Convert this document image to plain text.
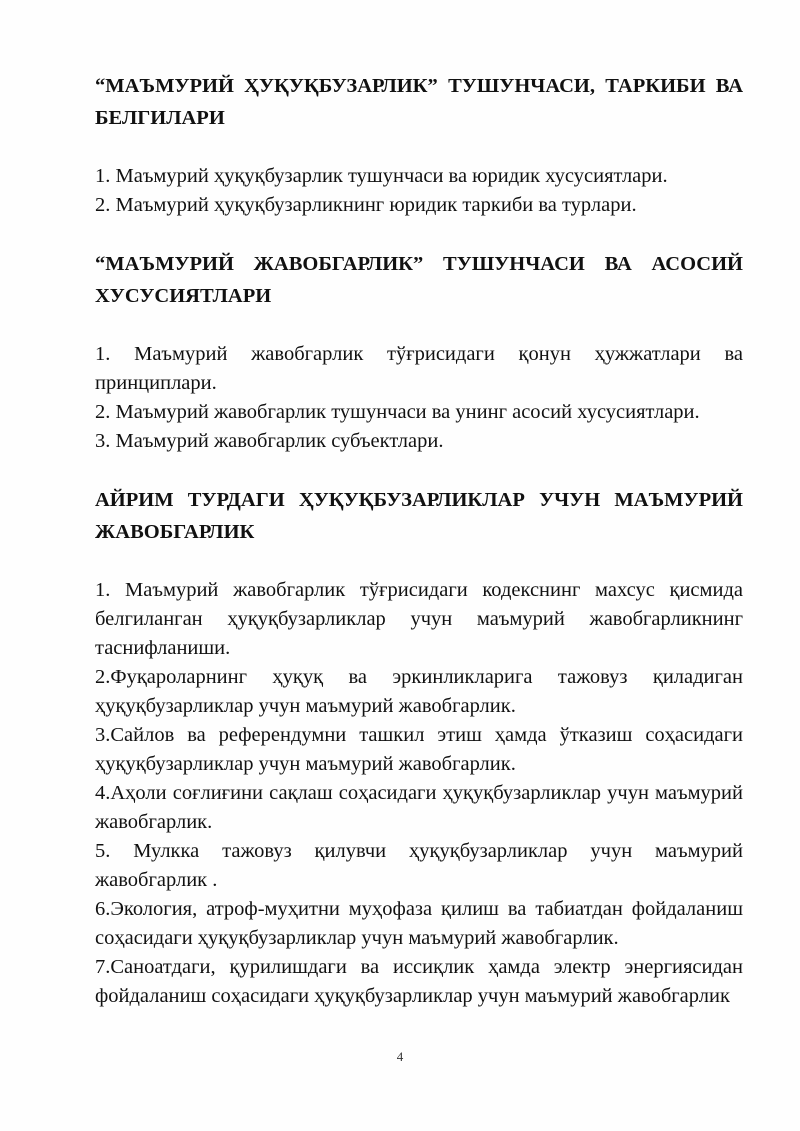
“МАЪМУРИЙ ҲУҚУҚБУЗАРЛИК” ТУШУНЧАСИ, ТАРКИБИ ВА БЕЛГИЛАРИ

1. Маъмурий ҳуқуқбузарлик тушунчаси ва юридик хусусиятлари.

2. Маъмурий ҳуқуқбузарликнинг юридик таркиби ва турлари.

“МАЪМУРИЙ ЖАВОБГАРЛИК” ТУШУНЧАСИ ВА АСОСИЙ ХУСУСИЯТЛАРИ

1. Маъмурий жавобгарлик тўғрисидаги қонун ҳужжатлари ва принциплари.

2. Маъмурий жавобгарлик тушунчаси ва унинг асосий хусусиятлари.

3. Маъмурий жавобгарлик субъектлари.

АЙРИМ ТУРДАГИ ҲУҚУҚБУЗАРЛИКЛАР УЧУН МАЪМУРИЙ ЖАВОБГАРЛИК

1. Маъмурий жавобгарлик тўғрисидаги кодекснинг махсус қисмида белгиланган ҳуқуқбузарликлар учун маъмурий жавобгарликнинг таснифланиши.

2.Фуқароларнинг ҳуқуқ ва эркинликларига тажовуз қиладиган ҳуқуқбузарликлар учун маъмурий жавобгарлик.

3.Сайлов ва референдумни ташкил этиш ҳамда ўтказиш соҳасидаги ҳуқуқбузарликлар учун маъмурий жавобгарлик.

4.Аҳоли соғлиғини сақлаш соҳасидаги ҳуқуқбузарликлар учун маъмурий жавобгарлик.

5. Мулкка тажовуз қилувчи ҳуқуқбузарликлар учун маъмурий жавобгарлик .

6.Экология, атроф-муҳитни муҳофаза қилиш ва табиатдан фойдаланиш соҳасидаги ҳуқуқбузарликлар учун маъмурий жавобгарлик.

7.Саноатдаги, қурилишдаги ва иссиқлик ҳамда электр энергиясидан фойдаланиш соҳасидаги ҳуқуқбузарликлар учун маъмурий жавобгарлик

4
